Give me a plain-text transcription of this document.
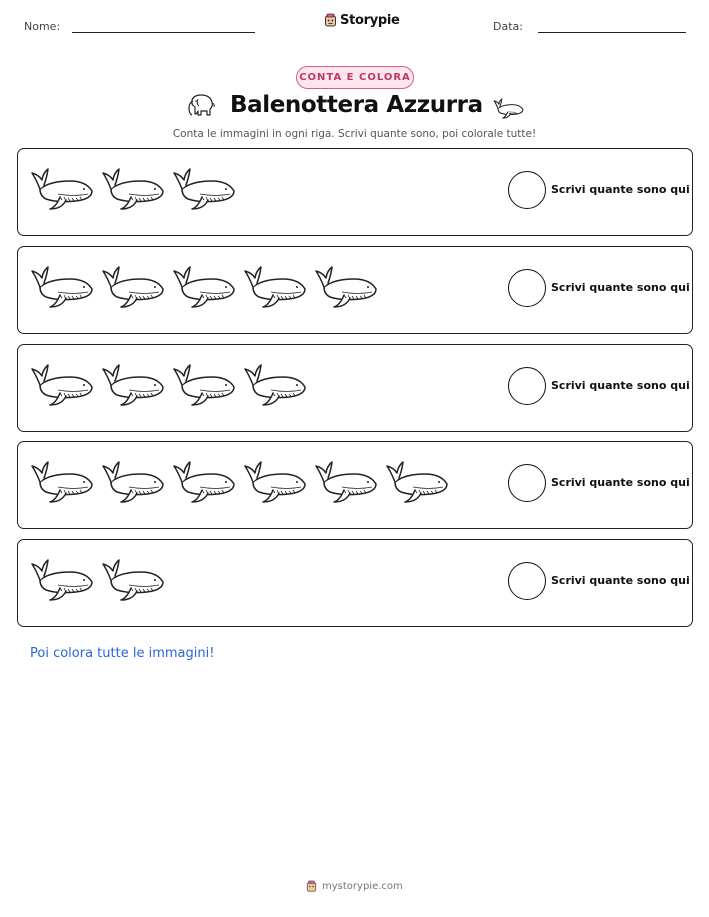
Nome:	Storypie	Data:
CONTA E COLORA
Balenottera Azzurra
Conta le immagini in ogni riga. Scrivi quante sono, poi colorale tutte!
Scrivi quante sono qui
Scrivi quante sono qui
Scrivi quante sono qui
Scrivi quante sono qui
Scrivi quante sono qui
Poi colora tutte le immagini!
mystorypie.com
